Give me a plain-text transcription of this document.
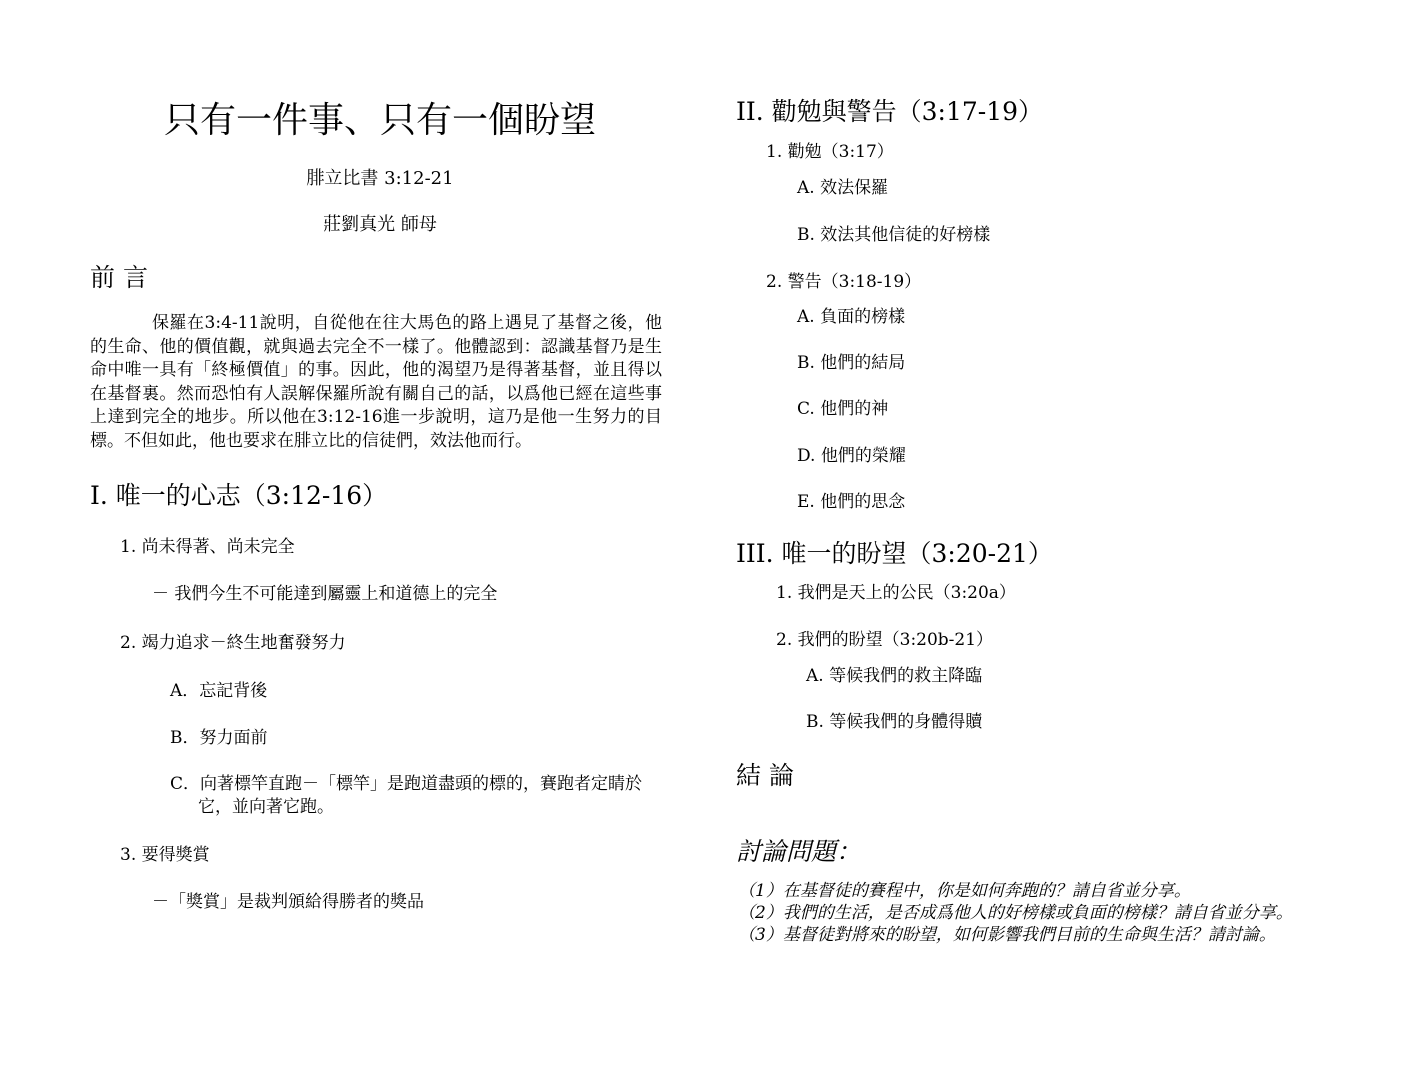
只有一件事、只有一個盼望
腓立比書 3:12-21
莊劉真光 師母
前 言
保羅在3:4-11說明，自從他在往大馬色的路上遇見了基督之後，他的生命、他的價值觀，就與過去完全不一樣了。他體認到：認識基督乃是生命中唯一具有「終極價值」的事。因此，他的渴望乃是得著基督，並且得以在基督裏。然而恐怕有人誤解保羅所說有關自己的話，以爲他已經在這些事上達到完全的地步。所以他在3:12-16進一步說明，這乃是他一生努力的目標。不但如此，他也要求在腓立比的信徒們，效法他而行。
I. 唯一的心志（3:12-16）
1. 尚未得著、尚未完全
－ 我們今生不可能達到屬靈上和道德上的完全
2. 竭力追求－終生地奮發努力
A．忘記背後
B．努力面前
C．向著標竿直跑－「標竿」是跑道盡頭的標的，賽跑者定睛於
它，並向著它跑。
3. 要得獎賞
－「獎賞」是裁判頒給得勝者的獎品
II. 勸勉與警告（3:17-19）
1. 勸勉（3:17）
A. 效法保羅
B. 效法其他信徒的好榜樣
2. 警告（3:18-19）
A. 負面的榜樣
B. 他們的結局
C. 他們的神
D. 他們的榮耀
E. 他們的思念
III. 唯一的盼望（3:20-21）
1. 我們是天上的公民（3:20a）
2. 我們的盼望（3:20b-21）
A. 等候我們的救主降臨
B. 等候我們的身體得贖
結 論
討論問題：
（1）在基督徒的賽程中，你是如何奔跑的？請自省並分享。
（2）我們的生活，是否成爲他人的好榜樣或負面的榜樣？請自省並分享。
（3）基督徒對將來的盼望，如何影響我們目前的生命與生活？請討論。
